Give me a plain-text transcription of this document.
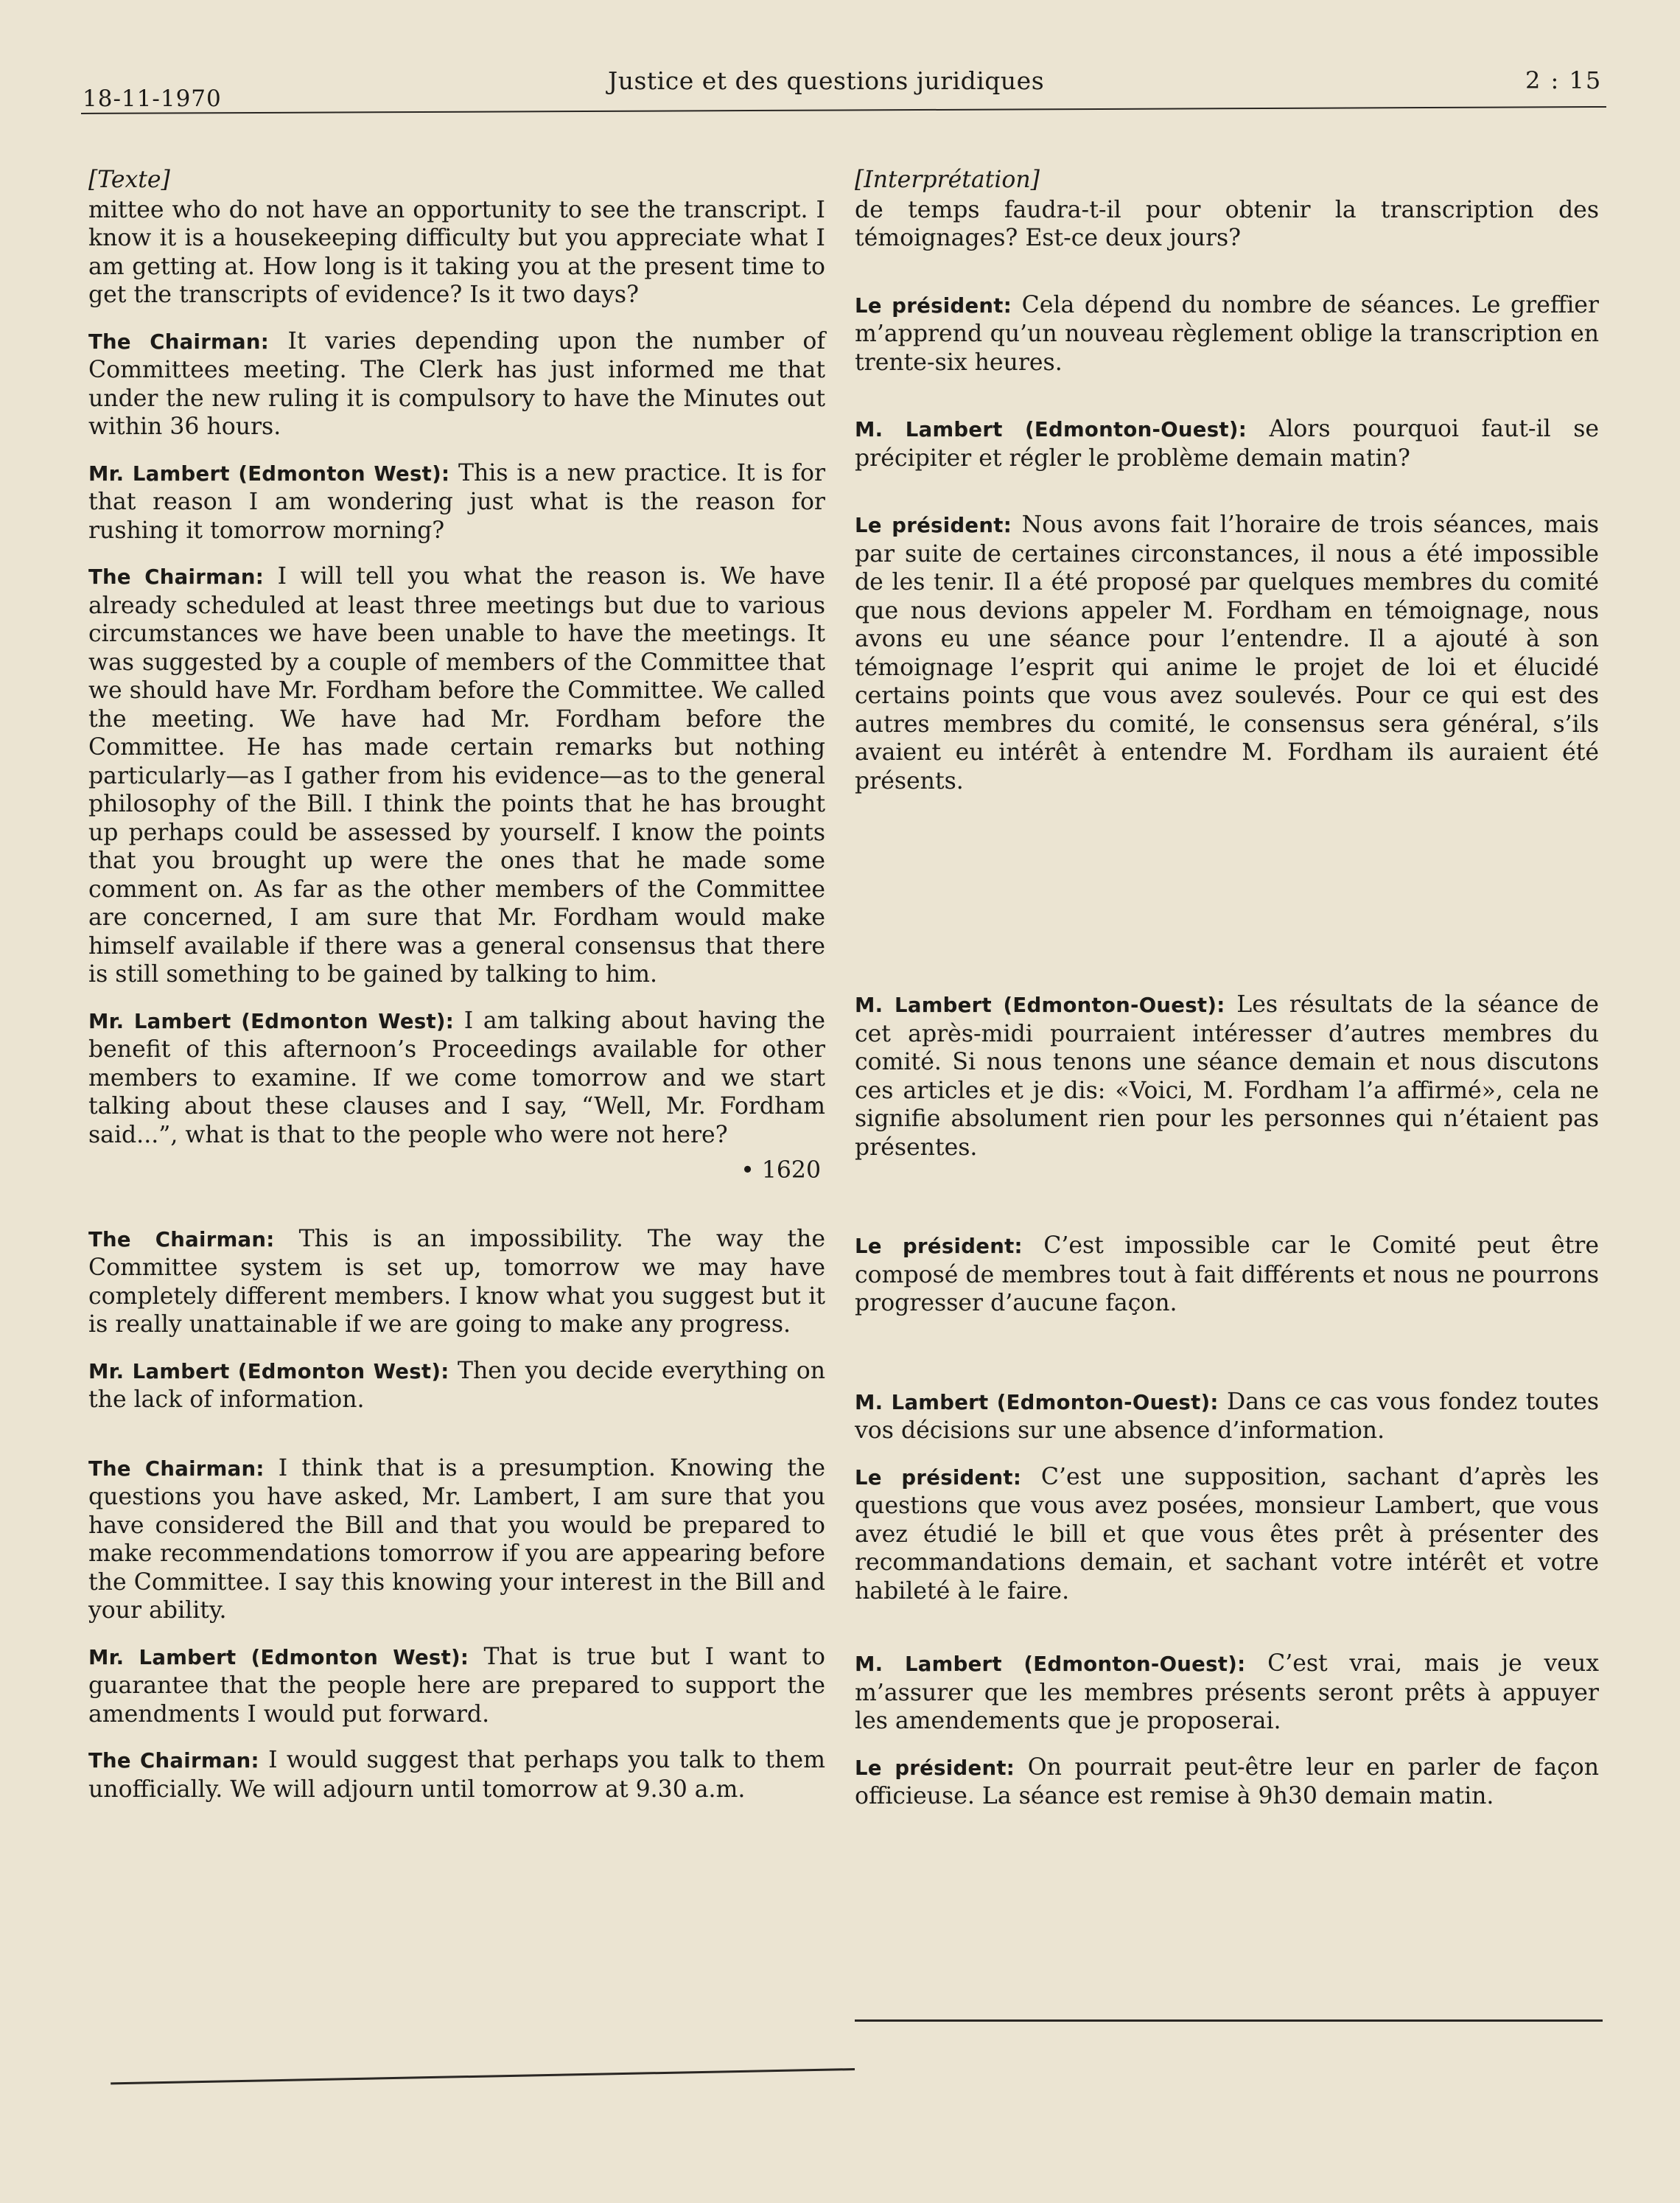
18-11-1970
Justice et des questions juridiques	2 : 15
[Texte]

mittee who do not have an opportunity to see the transcript. I know it is a housekeeping difficulty but you appreciate what I am getting at. How long is it taking you at the present time to get the transcripts of evidence? Is it two days?

The Chairman: It varies depending upon the number of Committees meeting. The Clerk has just informed me that under the new ruling it is compulsory to have the Minutes out within 36 hours.

Mr. Lambert (Edmonton West): This is a new practice. It is for that reason I am wondering just what is the reason for rushing it tomorrow morning?

The Chairman: I will tell you what the reason is. We have already scheduled at least three meetings but due to various circumstances we have been unable to have the meetings. It was suggested by a couple of members of the Committee that we should have Mr. Fordham before the Committee. We called the meeting. We have had Mr. Fordham before the Committee. He has made certain remarks but nothing particularly—as I gather from his evidence—as to the general philosophy of the Bill. I think the points that he has brought up perhaps could be assessed by yourself. I know the points that you brought up were the ones that he made some comment on. As far as the other members of the Committee are concerned, I am sure that Mr. Fordham would make himself available if there was a general consensus that there is still something to be gained by talking to him.

Mr. Lambert (Edmonton West): I am talking about having the benefit of this afternoon’s Proceedings available for other members to examine. If we come tomorrow and we start talking about these clauses and I say, “Well, Mr. Fordham said...”, what is that to the people who were not here?

• 1620

The Chairman: This is an impossibility. The way the Committee system is set up, tomorrow we may have completely different members. I know what you suggest but it is really unattainable if we are going to make any progress.

Mr. Lambert (Edmonton West): Then you decide everything on the lack of information.

The Chairman: I think that is a presumption. Knowing the questions you have asked, Mr. Lambert, I am sure that you have considered the Bill and that you would be prepared to make recommendations tomorrow if you are appearing before the Committee. I say this knowing your interest in the Bill and your ability.

Mr. Lambert (Edmonton West): That is true but I want to guarantee that the people here are prepared to support the amendments I would put forward.

The Chairman: I would suggest that perhaps you talk to them unofficially. We will adjourn until tomorrow at 9.30 a.m.

[Interprétation]

de temps faudra-t-il pour obtenir la transcription des témoignages? Est-ce deux jours?

Le président: Cela dépend du nombre de séances. Le greffier m’apprend qu’un nouveau règlement oblige la transcription en trente-six heures.

M. Lambert (Edmonton-Ouest): Alors pourquoi faut-il se précipiter et régler le problème demain matin?

Le président: Nous avons fait l’horaire de trois séances, mais par suite de certaines circonstances, il nous a été impossible de les tenir. Il a été proposé par quelques membres du comité que nous devions appeler M. Fordham en témoignage, nous avons eu une séance pour l’entendre. Il a ajouté à son témoignage l’esprit qui anime le projet de loi et élucidé certains points que vous avez soulevés. Pour ce qui est des autres membres du comité, le consensus sera général, s’ils avaient eu intérêt à entendre M. Fordham ils auraient été présents.

M. Lambert (Edmonton-Ouest): Les résultats de la séance de cet après-midi pourraient intéresser d’autres membres du comité. Si nous tenons une séance demain et nous discutons ces articles et je dis: «Voici, M. Fordham l’a affirmé», cela ne signifie absolument rien pour les personnes qui n’étaient pas présentes.

Le président: C’est impossible car le Comité peut être composé de membres tout à fait différents et nous ne pourrons progresser d’aucune façon.

M. Lambert (Edmonton-Ouest): Dans ce cas vous fondez toutes vos décisions sur une absence d’information.

Le président: C’est une supposition, sachant d’après les questions que vous avez posées, monsieur Lambert, que vous avez étudié le bill et que vous êtes prêt à présenter des recommandations demain, et sachant votre intérêt et votre habileté à le faire.

M. Lambert (Edmonton-Ouest): C’est vrai, mais je veux m’assurer que les membres présents seront prêts à appuyer les amendements que je proposerai.

Le président: On pourrait peut-être leur en parler de façon officieuse. La séance est remise à 9h30 demain matin.
